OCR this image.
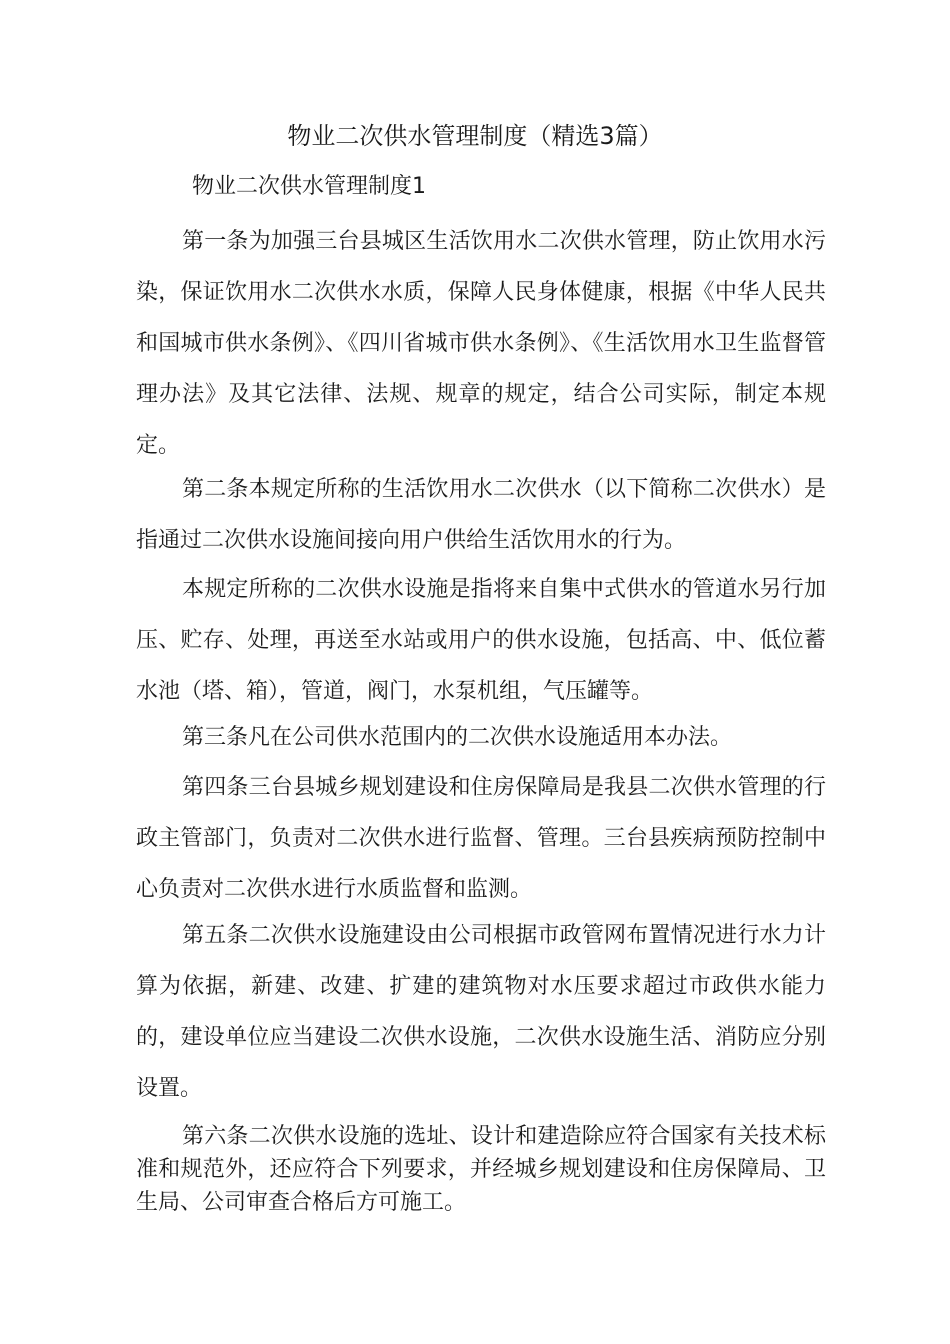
物业二次供水管理制度（精选3篇）
物业二次供水管理制度1

第一条为加强三台县城区生活饮用水二次供水管理，防止饮用水污染，保证饮用水二次供水水质，保障人民身体健康，根据《中华人民共和国城市供水条例》、《四川省城市供水条例》、《生活饮用水卫生监督管理办法》及其它法律、法规、规章的规定，结合公司实际，制定本规定。

第二条本规定所称的生活饮用水二次供水（以下简称二次供水）是指通过二次供水设施间接向用户供给生活饮用水的行为。

本规定所称的二次供水设施是指将来自集中式供水的管道水另行加压、贮存、处理，再送至水站或用户的供水设施，包括高、中、低位蓄水池（塔、箱），管道，阀门，水泵机组，气压罐等。

第三条凡在公司供水范围内的二次供水设施适用本办法。

第四条三台县城乡规划建设和住房保障局是我县二次供水管理的行政主管部门，负责对二次供水进行监督、管理。三台县疾病预防控制中心负责对二次供水进行水质监督和监测。

第五条二次供水设施建设由公司根据市政管网布置情况进行水力计算为依据，新建、改建、扩建的建筑物对水压要求超过市政供水能力的，建设单位应当建设二次供水设施，二次供水设施生活、消防应分别设置。

第六条二次供水设施的选址、设计和建造除应符合国家有关技术标准和规范外，还应符合下列要求，并经城乡规划建设和住房保障局、卫生局、公司审查合格后方可施工。
